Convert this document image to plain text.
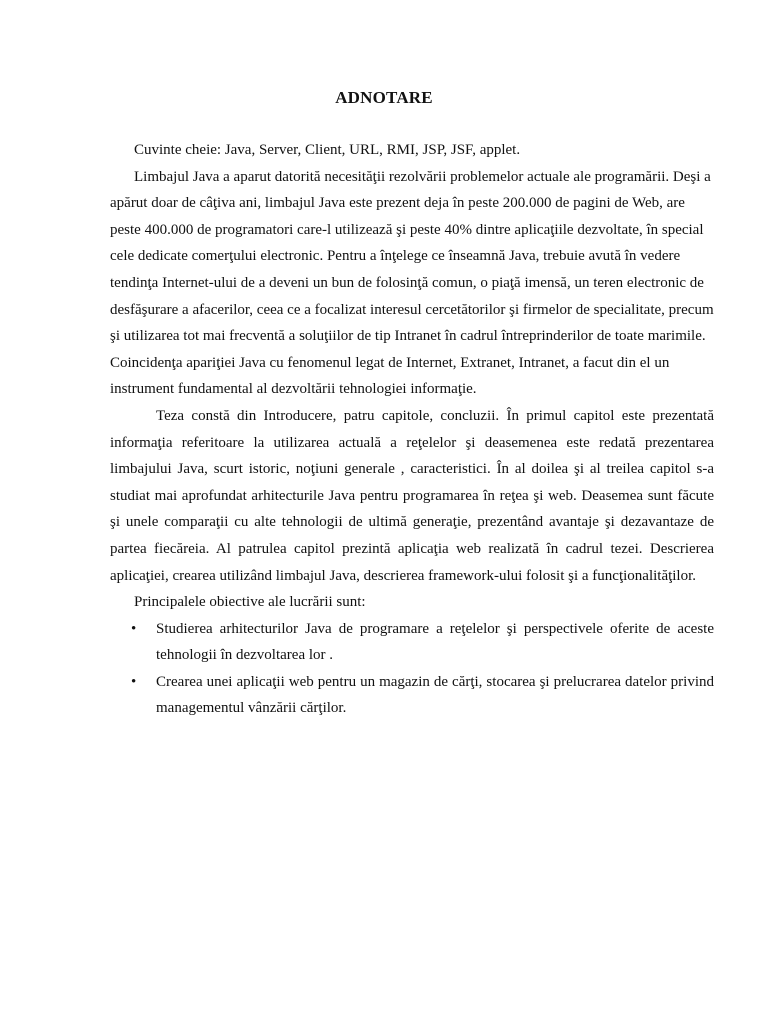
ADNOTARE

Cuvinte cheie: Java, Server, Client, URL, RMI, JSP, JSF, applet.

Limbajul Java a aparut datorită necesităţii rezolvării problemelor actuale ale programării. Deşi a apărut doar de câţiva ani, limbajul Java este prezent deja în peste 200.000 de pagini de Web, are peste 400.000 de programatori care-l utilizează şi peste 40% dintre aplicaţiile dezvoltate, în special cele dedicate comerţului electronic. Pentru a înţelege ce înseamnă Java, trebuie avută în vedere tendinţa Internet-ului de a deveni un bun de folosinţă comun, o piaţă imensă, un teren electronic de desfăşurare a afacerilor, ceea ce a focalizat interesul cercetătorilor şi firmelor de specialitate, precum şi utilizarea tot mai frecventă a soluţiilor de tip Intranet în cadrul întreprinderilor de toate marimile. Coincidenţa apariţiei Java cu fenomenul legat de Internet, Extranet, Intranet, a facut din el un instrument fundamental al dezvoltării tehnologiei informaţie.

Teza constă din Introducere, patru capitole, concluzii. În primul capitol este prezentată informaţia referitoare la utilizarea actuală a reţelelor şi deasemenea este redată prezentarea limbajului Java, scurt istoric, noţiuni generale , caracteristici. În al doilea şi al treilea capitol s-a studiat mai aprofundat arhitecturile Java pentru programarea în reţea şi web. Deasemea sunt făcute şi unele comparaţii cu alte tehnologii de ultimă generaţie, prezentând avantaje şi dezavantaze de partea fiecăreia. Al patrulea capitol prezintă aplicaţia web realizată în cadrul tezei. Descrierea aplicaţiei, crearea utilizând limbajul Java, descrierea framework-ului folosit şi a funcţionalităţilor.

Principalele obiective ale lucrării sunt:

• Studierea arhitecturilor Java de programare a reţelelor şi perspectivele oferite de aceste tehnologii în dezvoltarea lor .
• Crearea unei aplicaţii web pentru un magazin de cărţi, stocarea şi prelucrarea datelor privind managementul vânzării cărţilor.
